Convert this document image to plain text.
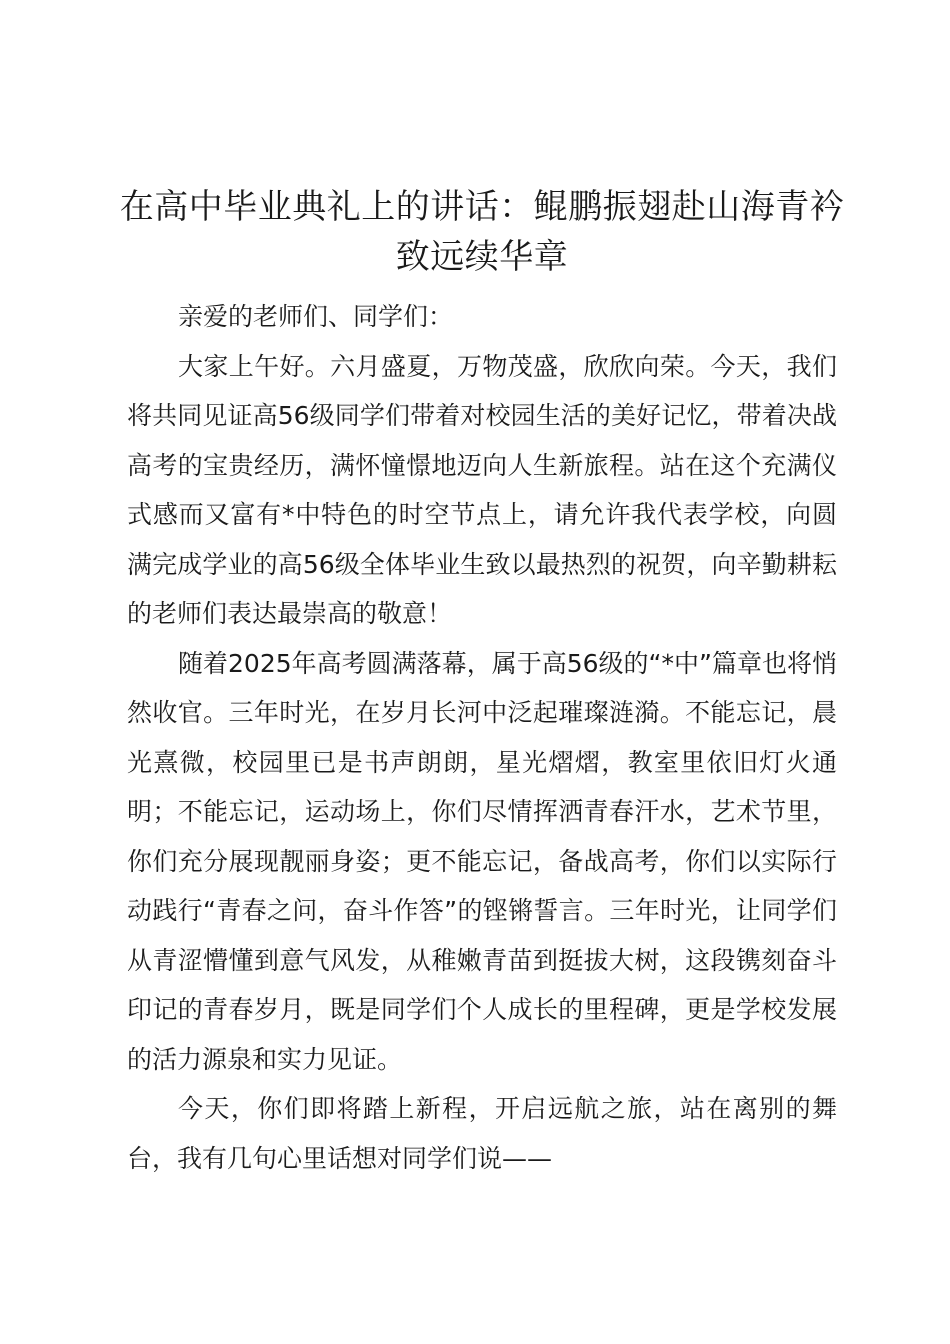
在高中毕业典礼上的讲话：鲲鹏振翅赴山海青衿致远续华章

亲爱的老师们、同学们：

大家上午好。六月盛夏，万物茂盛，欣欣向荣。今天，我们将共同见证高56级同学们带着对校园生活的美好记忆，带着决战高考的宝贵经历，满怀憧憬地迈向人生新旅程。站在这个充满仪式感而又富有*中特色的时空节点上，请允许我代表学校，向圆满完成学业的高56级全体毕业生致以最热烈的祝贺，向辛勤耕耘的老师们表达最崇高的敬意！

随着2025年高考圆满落幕，属于高56级的“*中”篇章也将悄然收官。三年时光，在岁月长河中泛起璀璨涟漪。不能忘记，晨光熹微，校园里已是书声朗朗，星光熠熠，教室里依旧灯火通明；不能忘记，运动场上，你们尽情挥洒青春汗水，艺术节里，你们充分展现靓丽身姿；更不能忘记，备战高考，你们以实际行动践行“青春之问，奋斗作答”的铿锵誓言。三年时光，让同学们从青涩懵懂到意气风发，从稚嫩青苗到挺拔大树，这段镌刻奋斗印记的青春岁月，既是同学们个人成长的里程碑，更是学校发展的活力源泉和实力见证。

今天，你们即将踏上新程，开启远航之旅，站在离别的舞台，我有几句心里话想对同学们说——
